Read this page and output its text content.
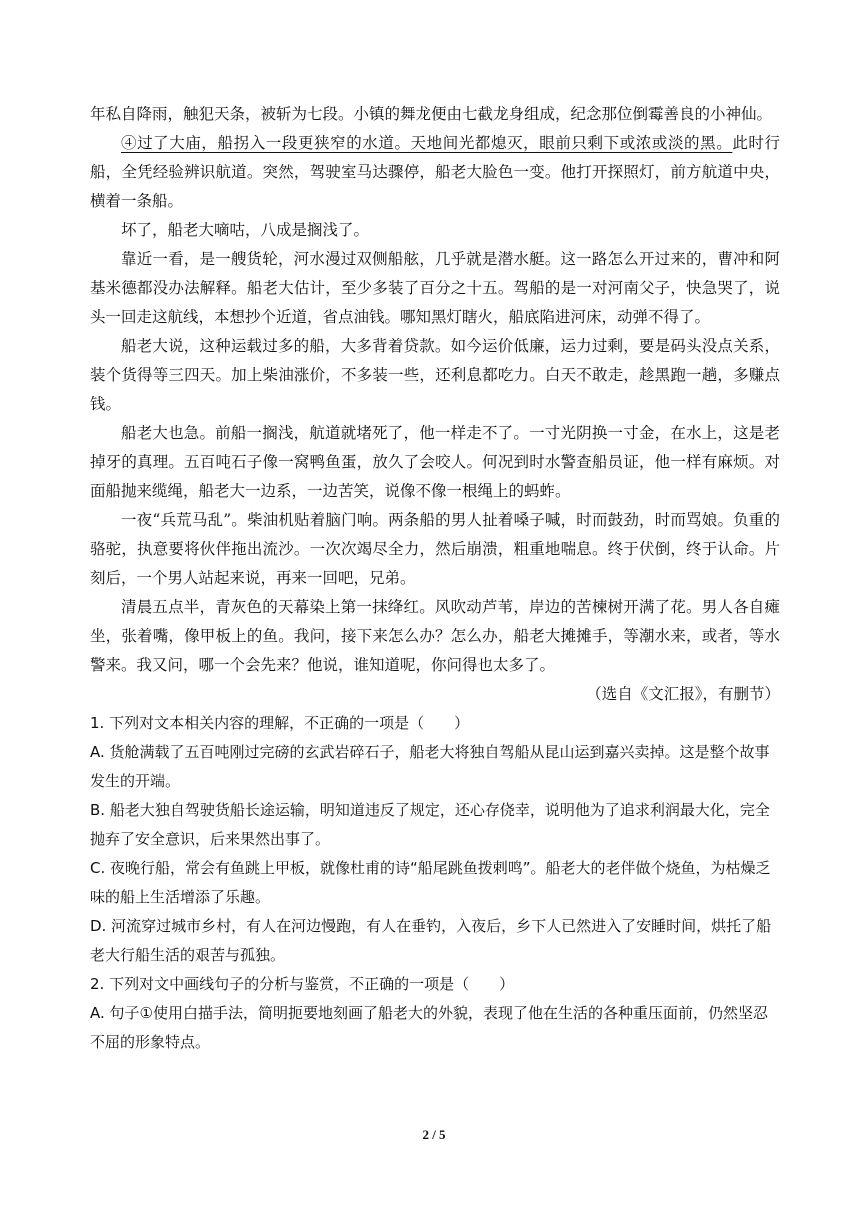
年私自降雨，触犯天条，被斩为七段。小镇的舞龙便由七截龙身组成，纪念那位倒霉善良的小神仙。

④过了大庙，船拐入一段更狭窄的水道。天地间光都熄灭，眼前只剩下或浓或淡的黑。此时行船，全凭经验辨识航道。突然，驾驶室马达骤停，船老大脸色一变。他打开探照灯，前方航道中央，横着一条船。

坏了，船老大嘀咕，八成是搁浅了。

靠近一看，是一艘货轮，河水漫过双侧船舷，几乎就是潜水艇。这一路怎么开过来的，曹冲和阿基米德都没办法解释。船老大估计，至少多装了百分之十五。驾船的是一对河南父子，快急哭了，说头一回走这航线，本想抄个近道，省点油钱。哪知黑灯瞎火，船底陷进河床，动弹不得了。

船老大说，这种运载过多的船，大多背着贷款。如今运价低廉，运力过剩，要是码头没点关系，装个货得等三四天。加上柴油涨价，不多装一些，还利息都吃力。白天不敢走，趁黑跑一趟，多赚点钱。

船老大也急。前船一搁浅，航道就堵死了，他一样走不了。一寸光阴换一寸金，在水上，这是老掉牙的真理。五百吨石子像一窝鸭鱼蛋，放久了会咬人。何况到时水警查船员证，他一样有麻烦。对面船抛来缆绳，船老大一边系，一边苦笑，说像不像一根绳上的蚂蚱。

一夜“兵荒马乱”。柴油机贴着脑门响。两条船的男人扯着嗓子喊，时而鼓劲，时而骂娘。负重的骆驼，执意要将伙伴拖出流沙。一次次竭尽全力，然后崩溃，粗重地喘息。终于伏倒，终于认命。片刻后，一个男人站起来说，再来一回吧，兄弟。

清晨五点半，青灰色的天幕染上第一抹绛红。风吹动芦苇，岸边的苦楝树开满了花。男人各自瘫坐，张着嘴，像甲板上的鱼。我问，接下来怎么办？怎么办，船老大摊摊手，等潮水来，或者，等水警来。我又问，哪一个会先来？他说，谁知道呢，你问得也太多了。

（选自《文汇报》，有删节）

1. 下列对文本相关内容的理解，不正确的一项是（　　）

A. 货舱满载了五百吨刚过完磅的玄武岩碎石子，船老大将独自驾船从昆山运到嘉兴卖掉。这是整个故事发生的开端。

B. 船老大独自驾驶货船长途运输，明知道违反了规定，还心存侥幸，说明他为了追求利润最大化，完全抛弃了安全意识，后来果然出事了。

C. 夜晚行船，常会有鱼跳上甲板，就像杜甫的诗“船尾跳鱼拨剌鸣”。船老大的老伴做个烧鱼，为枯燥乏味的船上生活增添了乐趣。

D. 河流穿过城市乡村，有人在河边慢跑，有人在垂钓，入夜后，乡下人已然进入了安睡时间，烘托了船老大行船生活的艰苦与孤独。

2. 下列对文中画线句子的分析与鉴赏，不正确的一项是（　　）

A. 句子①使用白描手法，简明扼要地刻画了船老大的外貌，表现了他在生活的各种重压面前，仍然坚忍不屈的形象特点。

2 / 5
